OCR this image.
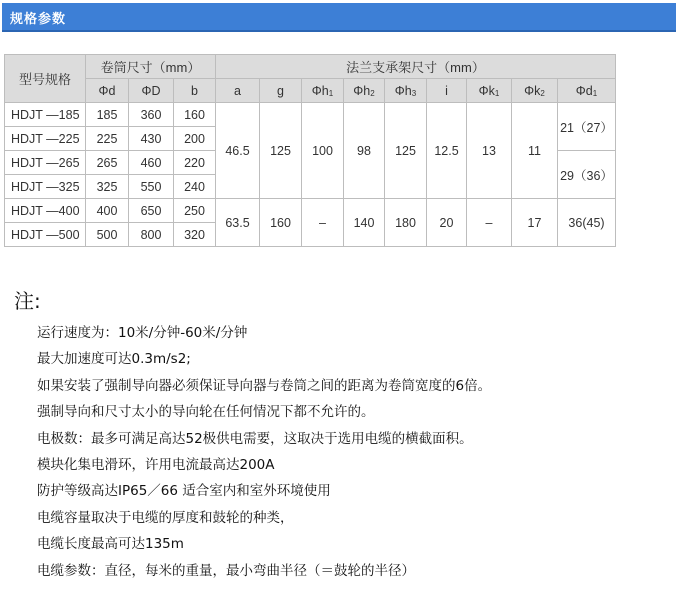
规格参数
型号规格	卷筒尺寸（mm）			法兰支承架尺寸（mm）								
	Φd	ΦD	b	a	g	Φh1	Φh2	Φh3	i	Φk1	Φk2	Φd1
HDJT —185	185	360	160	46.5	125	100	98	125	12.5	13	11	21（27）
HDJT —225	225	430	200									
HDJT —265	265	460	220									29（36）
HDJT —325	325	550	240									
HDJT —400	400	650	250	63.5	160	–	140	180	20	–	17	36(45)
HDJT —500	500	800	320									
注:
运行速度为：10米/分钟-60米/分钟
最大加速度可达0.3m/s2;
如果安装了强制导向器必须保证导向器与卷筒之间的距离为卷筒宽度的6倍。
强制导向和尺寸太小的导向轮在任何情况下都不允许的。
电极数：最多可满足高达52极供电需要，这取决于选用电缆的横截面积。
模块化集电滑环，许用电流最高达200A
防护等级高达IP65／66 适合室内和室外环境使用
电缆容量取决于电缆的厚度和鼓轮的种类，
电缆长度最高可达135m
电缆参数：直径，每米的重量，最小弯曲半径（＝鼓轮的半径）
